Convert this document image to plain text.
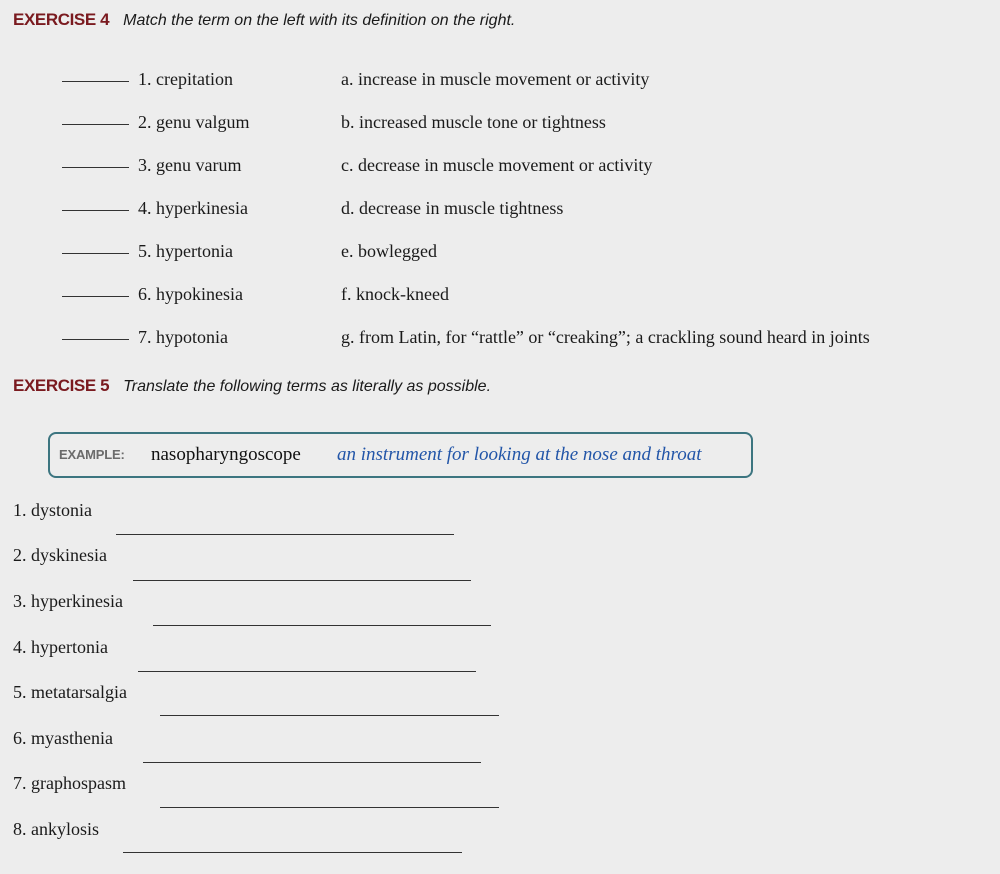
EXERCISE 4 Match the term on the left with its definition on the right.
1. crepitation	a. increase in muscle movement or activity
2. genu valgum	b. increased muscle tone or tightness
3. genu varum	c. decrease in muscle movement or activity
4. hyperkinesia	d. decrease in muscle tightness
5. hypertonia	e. bowlegged
6. hypokinesia	f. knock-kneed
7. hypotonia	g. from Latin, for “rattle” or “creaking”; a crackling sound heard in joints
EXERCISE 5 Translate the following terms as literally as possible.
EXAMPLE: nasopharyngoscope an instrument for looking at the nose and throat
1. dystonia
2. dyskinesia
3. hyperkinesia
4. hypertonia
5. metatarsalgia
6. myasthenia
7. graphospasm
8. ankylosis
